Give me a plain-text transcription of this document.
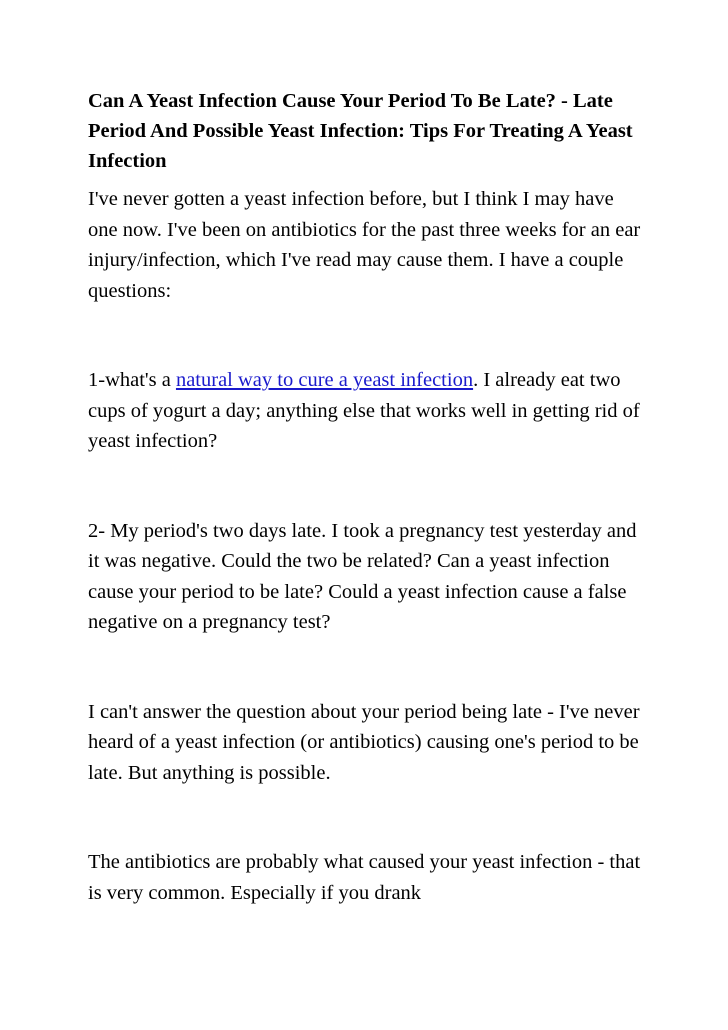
Can A Yeast Infection Cause Your Period To Be Late? - Late Period And Possible Yeast Infection: Tips For Treating A Yeast Infection

I've never gotten a yeast infection before, but I think I may have one now. I've been on antibiotics for the past three weeks for an ear injury/infection, which I've read may cause them. I have a couple questions:

1-what's a natural way to cure a yeast infection. I already eat two cups of yogurt a day; anything else that works well in getting rid of yeast infection?

2- My period's two days late. I took a pregnancy test yesterday and it was negative. Could the two be related? Can a yeast infection cause your period to be late? Could a yeast infection cause a false negative on a pregnancy test?

I can't answer the question about your period being late - I've never heard of a yeast infection (or antibiotics) causing one's period to be late. But anything is possible.

The antibiotics are probably what caused your yeast infection - that is very common. Especially if you drank
